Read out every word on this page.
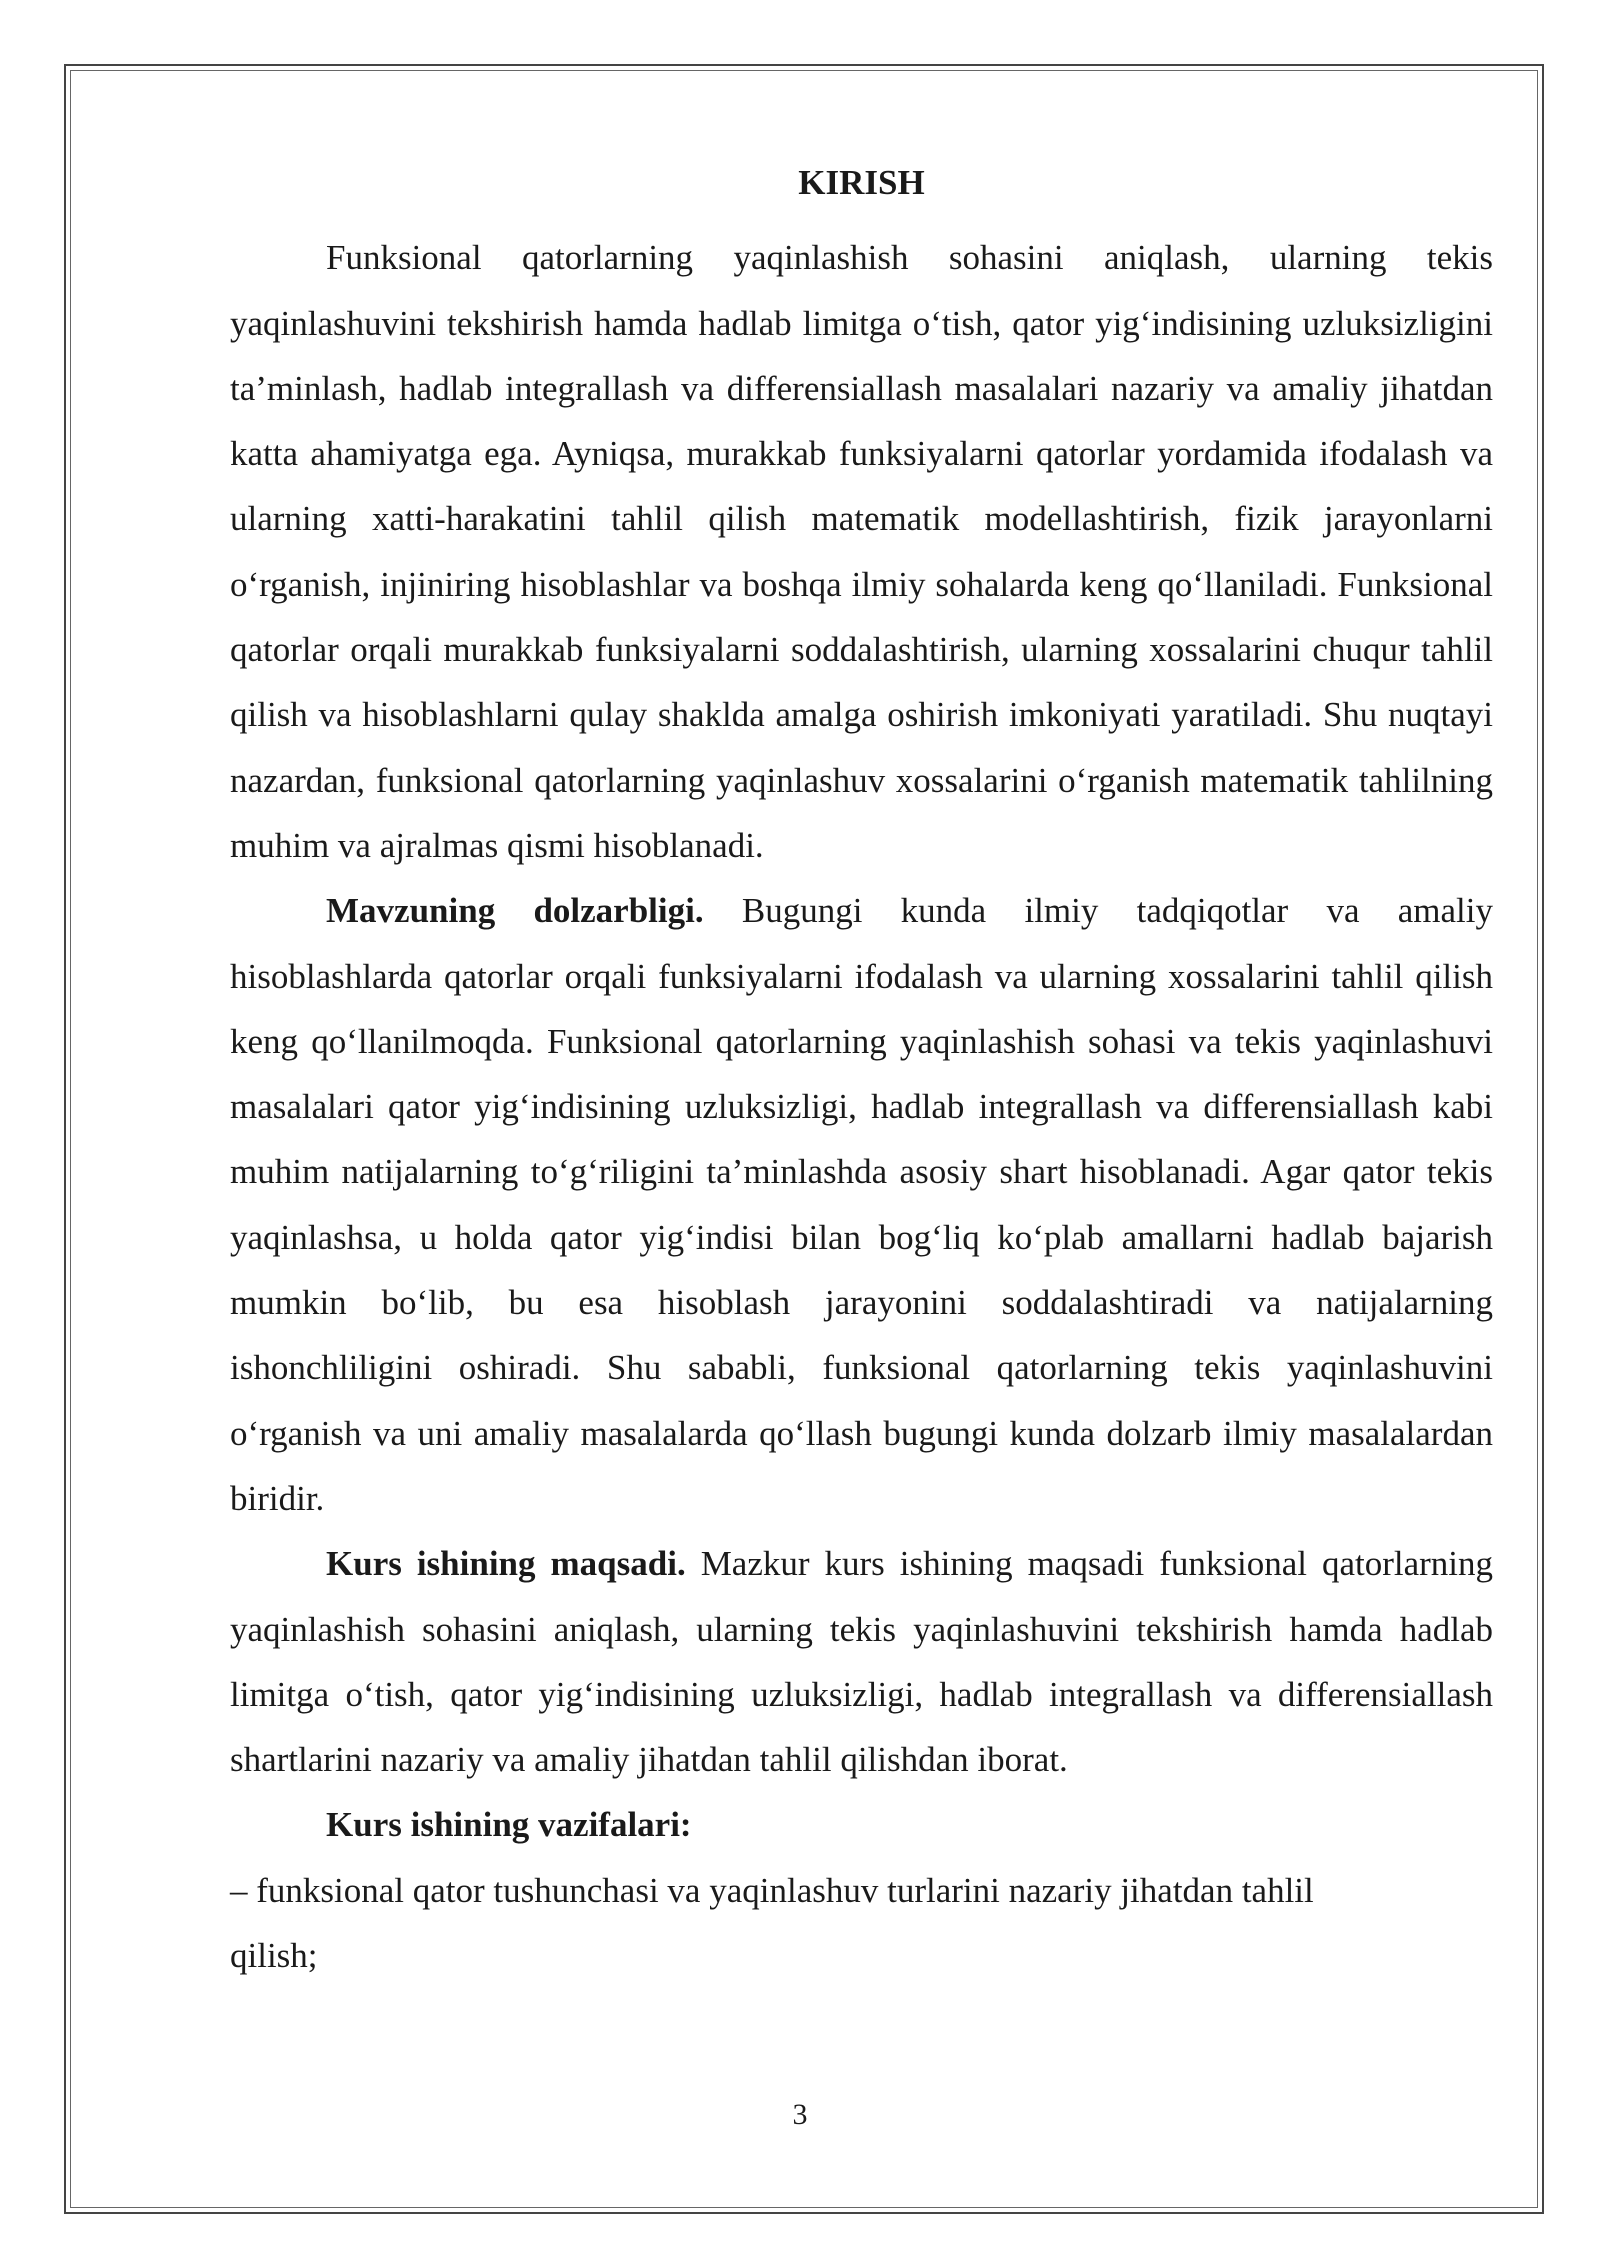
KIRISH

Funksional qatorlarning yaqinlashish sohasini aniqlash, ularning tekis yaqinlashuvini tekshirish hamda hadlab limitga o‘tish, qator yig‘indisining uzluksizligini ta’minlash, hadlab integrallash va differensiallash masalalari nazariy va amaliy jihatdan katta ahamiyatga ega. Ayniqsa, murakkab funksiyalarni qatorlar yordamida ifodalash va ularning xatti-harakatini tahlil qilish matematik modellashtirish, fizik jarayonlarni o‘rganish, injiniring hisoblashlar va boshqa ilmiy sohalarda keng qo‘llaniladi. Funksional qatorlar orqali murakkab funksiyalarni soddalashtirish, ularning xossalarini chuqur tahlil qilish va hisoblashlarni qulay shaklda amalga oshirish imkoniyati yaratiladi. Shu nuqtayi nazardan, funksional qatorlarning yaqinlashuv xossalarini o‘rganish matematik tahlilning muhim va ajralmas qismi hisoblanadi.

Mavzuning dolzarbligi. Bugungi kunda ilmiy tadqiqotlar va amaliy hisoblashlarda qatorlar orqali funksiyalarni ifodalash va ularning xossalarini tahlil qilish keng qo‘llanilmoqda. Funksional qatorlarning yaqinlashish sohasi va tekis yaqinlashuvi masalalari qator yig‘indisining uzluksizligi, hadlab integrallash va differensiallash kabi muhim natijalarning to‘g‘riligini ta’minlashda asosiy shart hisoblanadi. Agar qator tekis yaqinlashsa, u holda qator yig‘indisi bilan bog‘liq ko‘plab amallarni hadlab bajarish mumkin bo‘lib, bu esa hisoblash jarayonini soddalashtiradi va natijalarning ishonchliligini oshiradi. Shu sababli, funksional qatorlarning tekis yaqinlashuvini o‘rganish va uni amaliy masalalarda qo‘llash bugungi kunda dolzarb ilmiy masalalardan biridir.

Kurs ishining maqsadi. Mazkur kurs ishining maqsadi funksional qatorlarning yaqinlashish sohasini aniqlash, ularning tekis yaqinlashuvini tekshirish hamda hadlab limitga o‘tish, qator yig‘indisining uzluksizligi, hadlab integrallash va differensiallash shartlarini nazariy va amaliy jihatdan tahlil qilishdan iborat.

Kurs ishining vazifalari:

– funksional qator tushunchasi va yaqinlashuv turlarini nazariy jihatdan tahlil
qilish;
3
